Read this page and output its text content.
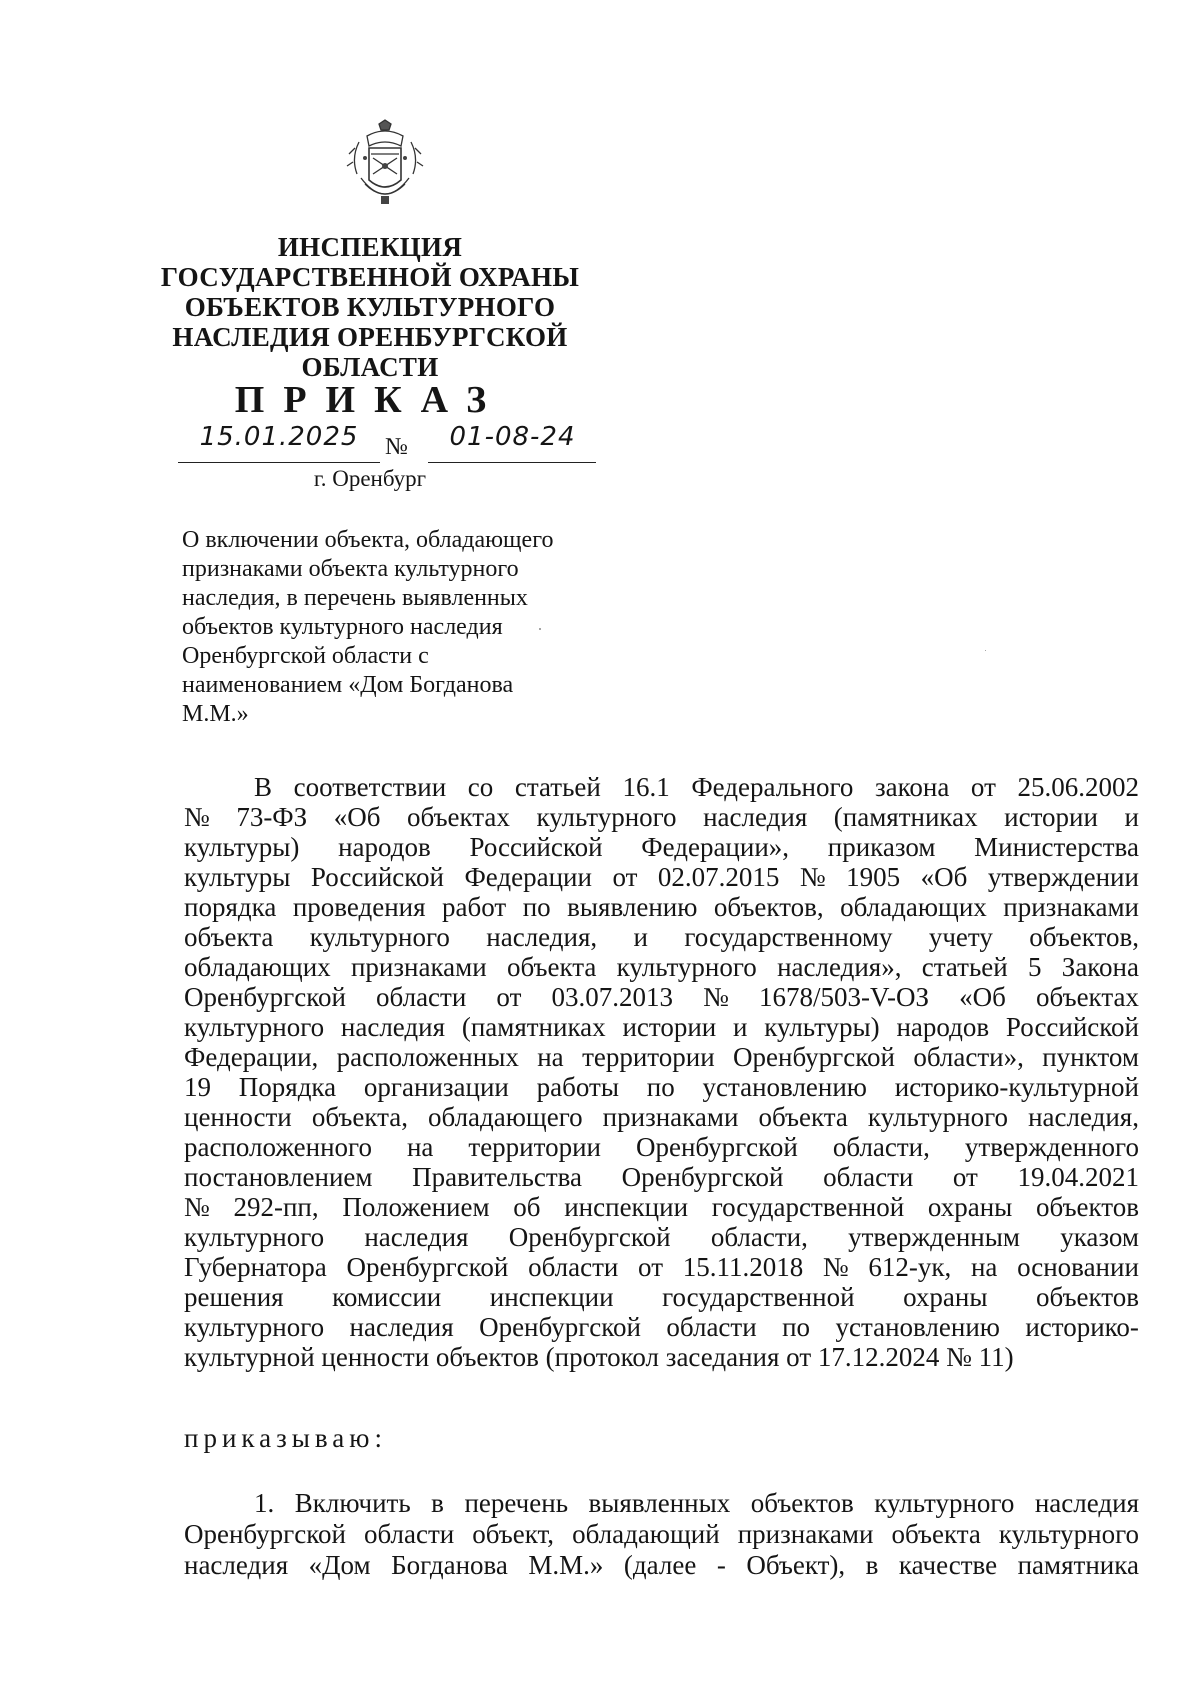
ИНСПЕКЦИЯ
ГОСУДАРСТВЕННОЙ ОХРАНЫ
ОБЪЕКТОВ КУЛЬТУРНОГО
НАСЛЕДИЯ ОРЕНБУРГСКОЙ
ОБЛАСТИ
ПРИКАЗ
15.01.2025	№	01-08-24
г. Оренбург
О включении объекта, обладающего
признаками объекта культурного
наследия, в перечень выявленных
объектов культурного наследия
Оренбургской области с
наименованием «Дом Богданова
М.М.»
В соответствии со статьей 16.1 Федерального закона от 25.06.2002
№ 73-ФЗ «Об объектах культурного наследия (памятниках истории и
культуры) народов Российской Федерации», приказом Министерства
культуры Российской Федерации от 02.07.2015 № 1905 «Об утверждении
порядка проведения работ по выявлению объектов, обладающих признаками
объекта культурного наследия, и государственному учету объектов,
обладающих признаками объекта культурного наследия», статьей 5 Закона
Оренбургской области от 03.07.2013 № 1678/503-V-ОЗ «Об объектах
культурного наследия (памятниках истории и культуры) народов Российской
Федерации, расположенных на территории Оренбургской области», пунктом
19 Порядка организации работы по установлению историко-культурной
ценности объекта, обладающего признаками объекта культурного наследия,
расположенного на территории Оренбургской области, утвержденного
постановлением Правительства Оренбургской области от 19.04.2021
№ 292-пп, Положением об инспекции государственной охраны объектов
культурного наследия Оренбургской области, утвержденным указом
Губернатора Оренбургской области от 15.11.2018 № 612-ук, на основании
решения комиссии инспекции государственной охраны объектов
культурного наследия Оренбургской области по установлению историко-
культурной ценности объектов (протокол заседания от 17.12.2024 № 11)
приказываю:
1. Включить в перечень выявленных объектов культурного наследия
Оренбургской области объект, обладающий признаками объекта культурного
наследия «Дом Богданова М.М.» (далее - Объект), в качестве памятника
